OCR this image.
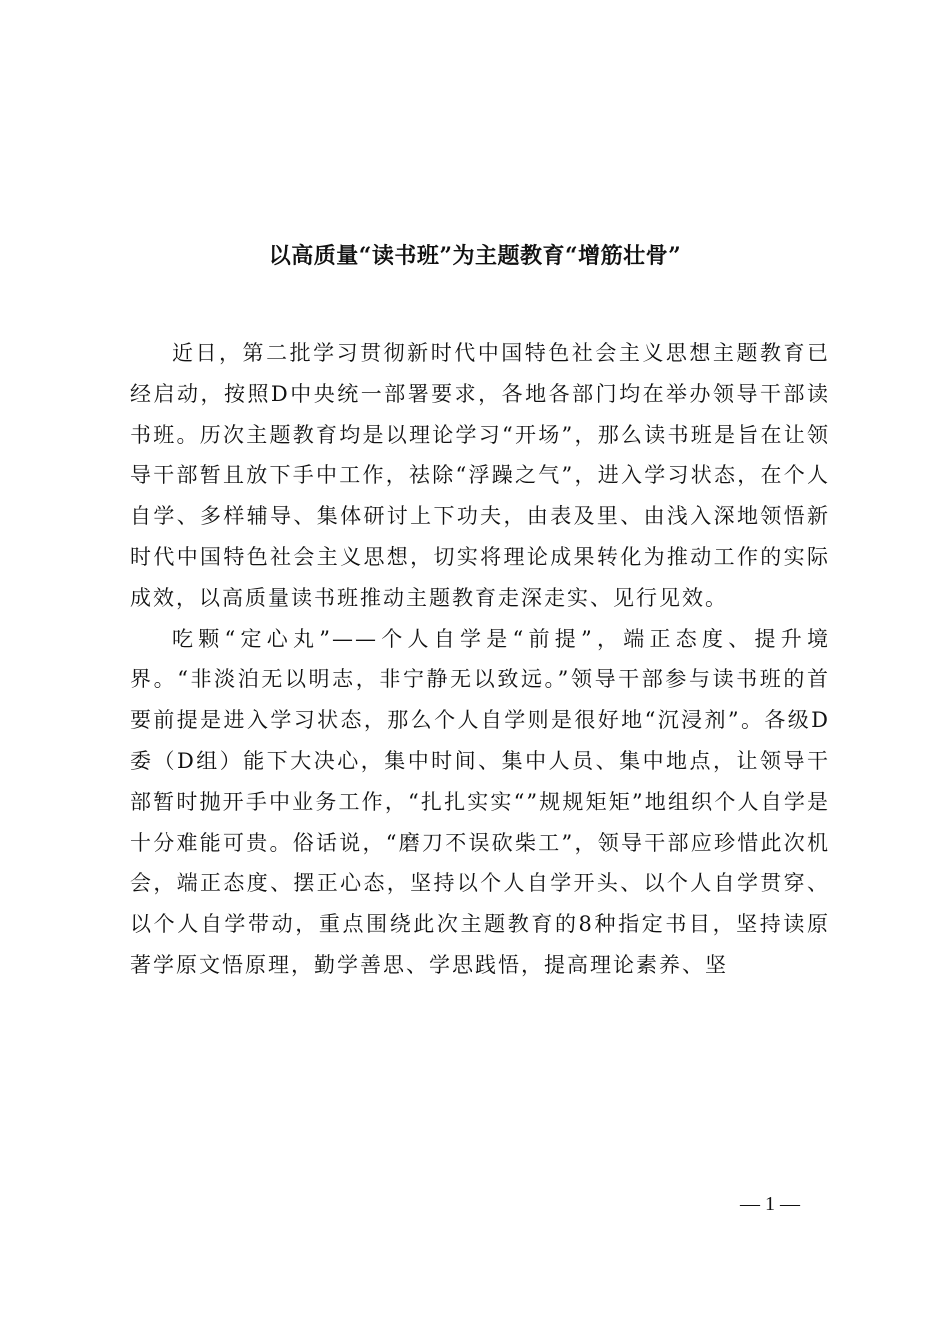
以高质量“读书班”为主题教育“增筋壮骨”

近日，第二批学习贯彻新时代中国特色社会主义思想主题教育已经启动，按照D中央统一部署要求，各地各部门均在举办领导干部读书班。历次主题教育均是以理论学习“开场”，那么读书班是旨在让领导干部暂且放下手中工作，祛除“浮躁之气”，进入学习状态，在个人自学、多样辅导、集体研讨上下功夫，由表及里、由浅入深地领悟新时代中国特色社会主义思想，切实将理论成果转化为推动工作的实际成效，以高质量读书班推动主题教育走深走实、见行见效。

吃颗“定心丸”——个人自学是“前提”，端正态度、提升境界。“非淡泊无以明志，非宁静无以致远。”领导干部参与读书班的首要前提是进入学习状态，那么个人自学则是很好地“沉浸剂”。各级D委（D组）能下大决心，集中时间、集中人员、集中地点，让领导干部暂时抛开手中业务工作，“扎扎实实“”规规矩矩”地组织个人自学是十分难能可贵。俗话说，“磨刀不误砍柴工”，领导干部应珍惜此次机会，端正态度、摆正心态，坚持以个人自学开头、以个人自学贯穿、以个人自学带动，重点围绕此次主题教育的8种指定书目，坚持读原著学原文悟原理，勤学善思、学思践悟，提高理论素养、坚

— 1 —
